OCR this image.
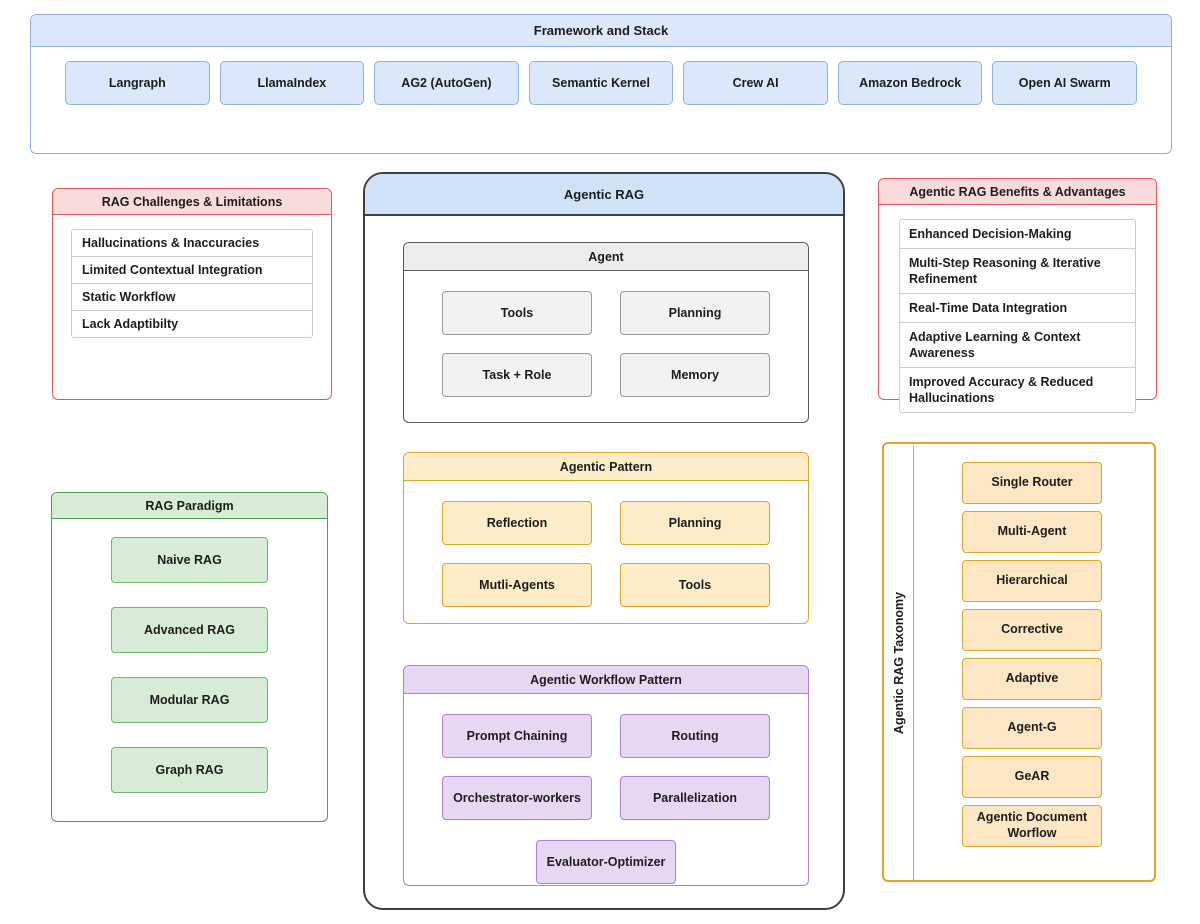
Framework and Stack
Langraph	LlamaIndex	AG2 (AutoGen)	Semantic Kernel	Crew AI	Amazon Bedrock	Open AI Swarm
RAG Challenges & Limitations
Hallucinations & Inaccuracies
Limited Contextual Integration
Static Workflow
Lack Adaptibilty
RAG Paradigm
Naive RAG
Advanced RAG
Modular RAG
Graph RAG
Agentic RAG
Agent
Tools	Planning
Task + Role	Memory
Agentic Pattern
Reflection	Planning
Mutli-Agents	Tools
Agentic Workflow Pattern
Prompt Chaining	Routing
Orchestrator-workers	Parallelization
Evaluator-Optimizer
Agentic RAG Benefits & Advantages
Enhanced Decision-Making
Multi-Step Reasoning & Iterative Refinement
Real-Time Data Integration
Adaptive Learning & Context Awareness
Improved Accuracy & Reduced Hallucinations
Agentic RAG Taxonomy
Single Router
Multi-Agent
Hierarchical
Corrective
Adaptive
Agent-G
GeAR
Agentic Document Worflow
